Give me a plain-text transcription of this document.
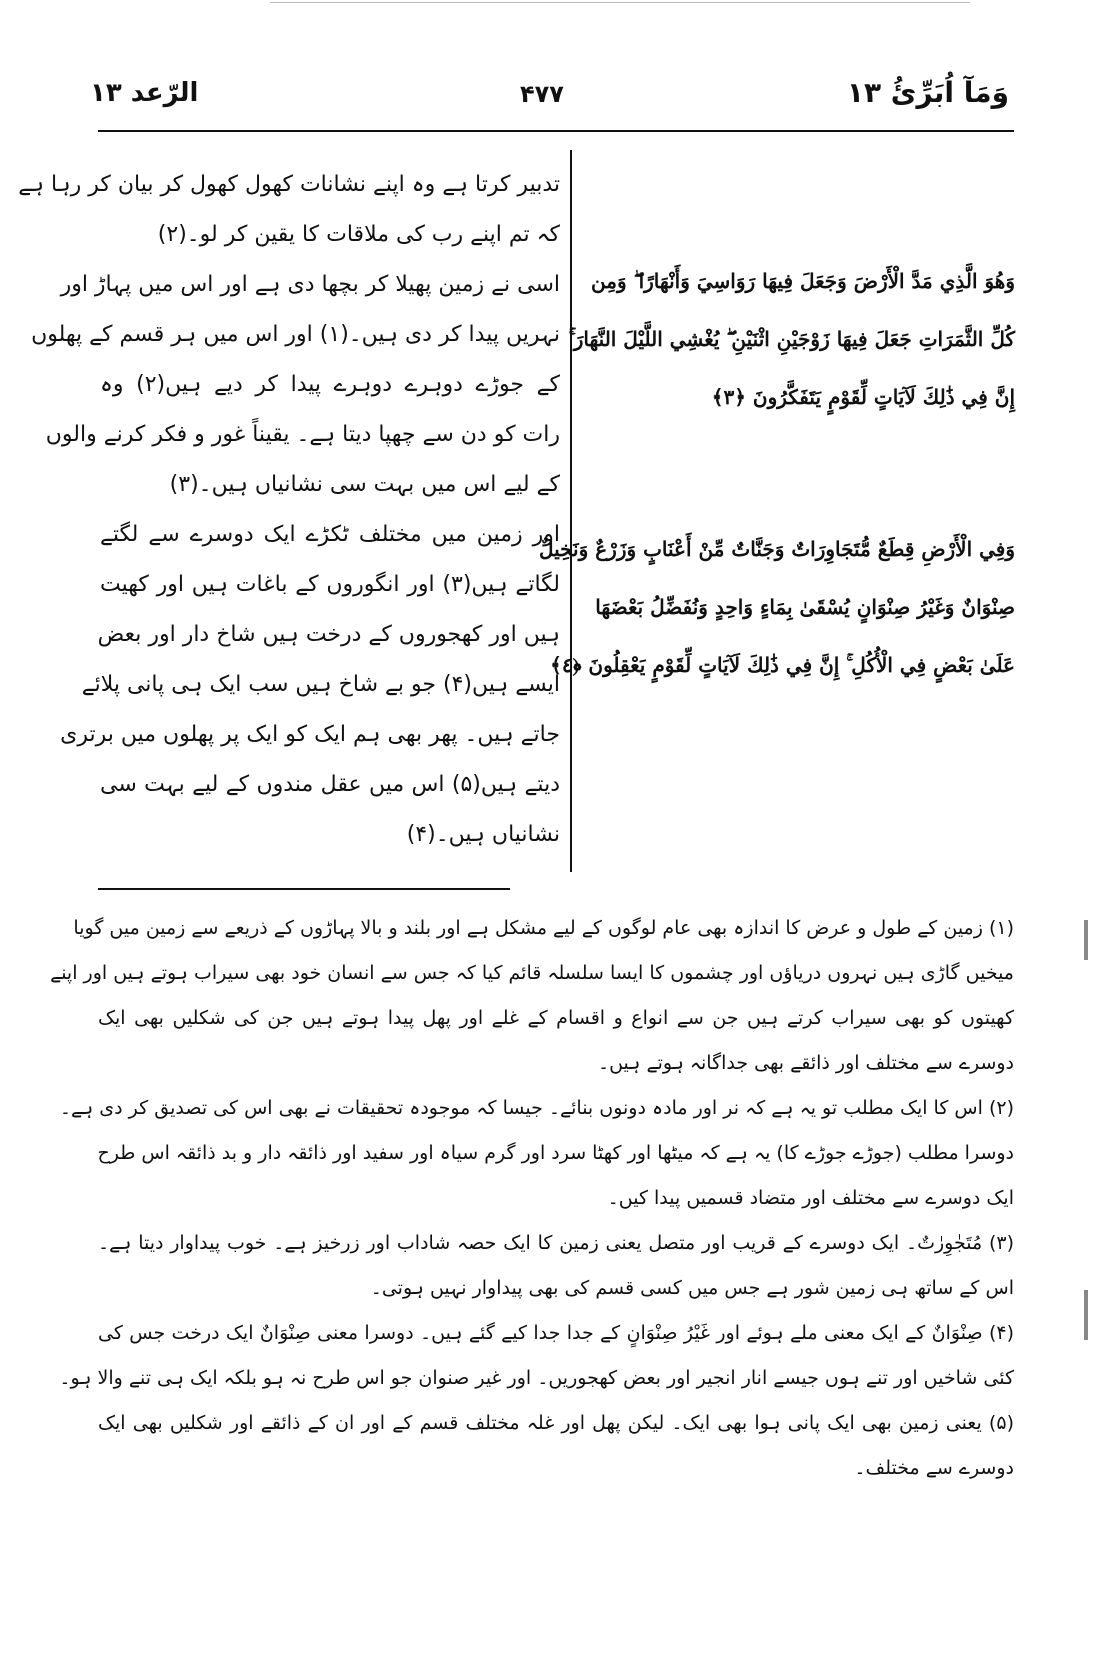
الرّعد ۱۳	۴۷۷	وَمَآ اُبَرِّئُ ۱۳
تدبیر کرتا ہے وہ اپنے نشانات کھول کھول کر بیان کر رہا ہے
کہ تم اپنے رب کی ملاقات کا یقین کر لو۔(۲)
اسی نے زمین پھیلا کر بچھا دی ہے اور اس میں پہاڑ اور
نہریں پیدا کر دی ہیں۔(۱) اور اس میں ہر قسم کے پھلوں
کے جوڑے دوہرے دوہرے پیدا کر دیے ہیں(۲) وہ
رات کو دن سے چھپا دیتا ہے۔ یقیناً غور و فکر کرنے والوں
کے لیے اس میں بہت سی نشانیاں ہیں۔(۳)
اور زمین میں مختلف ٹکڑے ایک دوسرے سے لگتے
لگاتے ہیں(۳) اور انگوروں کے باغات ہیں اور کھیت
ہیں اور کھجوروں کے درخت ہیں شاخ دار اور بعض
ایسے ہیں(۴) جو بے شاخ ہیں سب ایک ہی پانی پلائے
جاتے ہیں۔ پھر بھی ہم ایک کو ایک پر پھلوں میں برتری
دیتے ہیں(۵) اس میں عقل مندوں کے لیے بہت سی
نشانیاں ہیں۔(۴)
وَهُوَ الَّذِي مَدَّ الْأَرْضَ وَجَعَلَ فِيهَا رَوَاسِيَ وَأَنْهَارًا ۖ وَمِن
كُلِّ الثَّمَرَاتِ جَعَلَ فِيهَا زَوْجَيْنِ اثْنَيْنِ ۖ يُغْشِي اللَّيْلَ النَّهَارَ ۚ
إِنَّ فِي ذَٰلِكَ لَآيَاتٍ لِّقَوْمٍ يَتَفَكَّرُونَ ﴿٣﴾
وَفِي الْأَرْضِ قِطَعٌ مُّتَجَاوِرَاتٌ وَجَنَّاتٌ مِّنْ أَعْنَابٍ وَزَرْعٌ وَنَخِيلٌ
صِنْوَانٌ وَغَيْرُ صِنْوَانٍ يُسْقَىٰ بِمَاءٍ وَاحِدٍ وَنُفَضِّلُ بَعْضَهَا
عَلَىٰ بَعْضٍ فِي الْأُكُلِ ۚ إِنَّ فِي ذَٰلِكَ لَآيَاتٍ لِّقَوْمٍ يَعْقِلُونَ ﴿٤﴾
(۱) زمین کے طول و عرض کا اندازہ بھی عام لوگوں کے لیے مشکل ہے اور بلند و بالا پہاڑوں کے ذریعے سے زمین میں گویا
میخیں گاڑی ہیں نہروں دریاؤں اور چشموں کا ایسا سلسلہ قائم کیا کہ جس سے انسان خود بھی سیراب ہوتے ہیں اور اپنے
کھیتوں کو بھی سیراب کرتے ہیں جن سے انواع و اقسام کے غلے اور پھل پیدا ہوتے ہیں جن کی شکلیں بھی ایک
دوسرے سے مختلف اور ذائقے بھی جداگانہ ہوتے ہیں۔
(۲) اس کا ایک مطلب تو یہ ہے کہ نر اور مادہ دونوں بنائے۔ جیسا کہ موجودہ تحقیقات نے بھی اس کی تصدیق کر دی ہے۔
دوسرا مطلب (جوڑے جوڑے کا) یہ ہے کہ میٹھا اور کھٹا سرد اور گرم سیاہ اور سفید اور ذائقہ دار و بد ذائقہ اس طرح
ایک دوسرے سے مختلف اور متضاد قسمیں پیدا کیں۔
(۳) مُتَجٰوِرٰتٌ۔ ایک دوسرے کے قریب اور متصل یعنی زمین کا ایک حصہ شاداب اور زرخیز ہے۔ خوب پیداوار دیتا ہے۔
اس کے ساتھ ہی زمین شور ہے جس میں کسی قسم کی بھی پیداوار نہیں ہوتی۔
(۴) صِنْوَانٌ کے ایک معنی ملے ہوئے اور غَیْرُ صِنْوَانٍ کے جدا جدا کیے گئے ہیں۔ دوسرا معنی صِنْوَانٌ ایک درخت جس کی
کئی شاخیں اور تنے ہوں جیسے انار انجیر اور بعض کھجوریں۔ اور غیر صنوان جو اس طرح نہ ہو بلکہ ایک ہی تنے والا ہو۔
(۵) یعنی زمین بھی ایک پانی ہوا بھی ایک۔ لیکن پھل اور غلہ مختلف قسم کے اور ان کے ذائقے اور شکلیں بھی ایک
دوسرے سے مختلف۔
